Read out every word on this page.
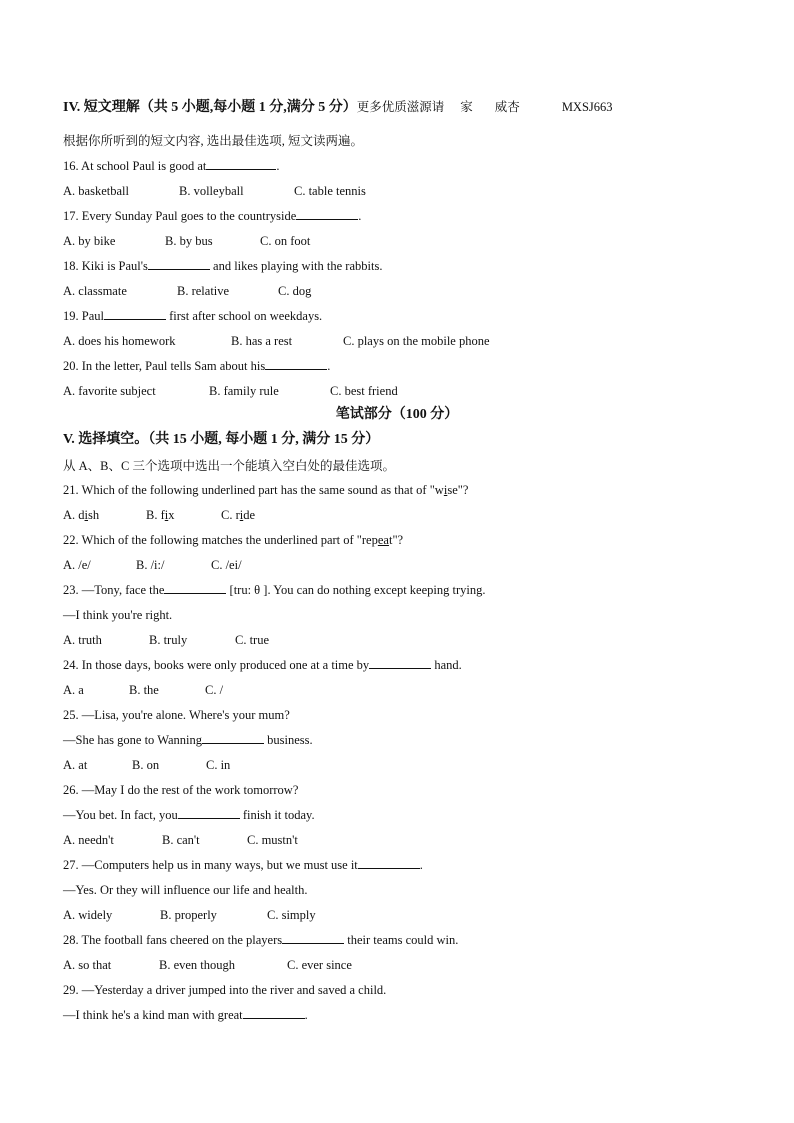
IV. 短文理解（共 5 小题,每小题 1 分,满分 5 分）更多优质滋源请 家 威杏	MXSJ663
根据你所听到的短文内容, 选出最佳选项, 短文读两遍。
16. At school Paul is good at	.
A. basketball	B. volleyball	C. table tennis
17. Every Sunday Paul goes to the countryside	.
A. by bike	B. by bus	C. on foot
18. Kiki is Paul's	and likes playing with the rabbits.
A. classmate	B. relative	C. dog
19. Paul	first after school on weekdays.
A. does his homework	B. has a rest	C. plays on the mobile phone
20. In the letter, Paul tells Sam about his	.
A. favorite subject	B. family rule	C. best friend
笔试部分（100 分）
V. 选择填空。（共 15 小题, 每小题 1 分, 满分 15 分）
从 A、B、C 三个选项中选出一个能填入空白处的最佳选项。
21. Which of the following underlined part has the same sound as that of "wise"?
A. dish	B. fix	C. ride
22. Which of the following matches the underlined part of "repeat"?
A. /e/	B. /i:/	C. /ei/
23. —Tony, face the	[tru: θ ]. You can do nothing except keeping trying.
—I think you're right.
A. truth	B. truly	C. true
24. In those days, books were only produced one at a time by	hand.
A. a	B. the	C. /
25. —Lisa, you're alone. Where's your mum?
—She has gone to Wanning	business.
A. at	B. on	C. in
26. —May I do the rest of the work tomorrow?
—You bet. In fact, you	finish it today.
A. needn't	B. can't	C. mustn't
27. —Computers help us in many ways, but we must use it	.
—Yes. Or they will influence our life and health.
A. widely	B. properly	C. simply
28. The football fans cheered on the players	their teams could win.
A. so that	B. even though	C. ever since
29. —Yesterday a driver jumped into the river and saved a child.
—I think he's a kind man with great	.
